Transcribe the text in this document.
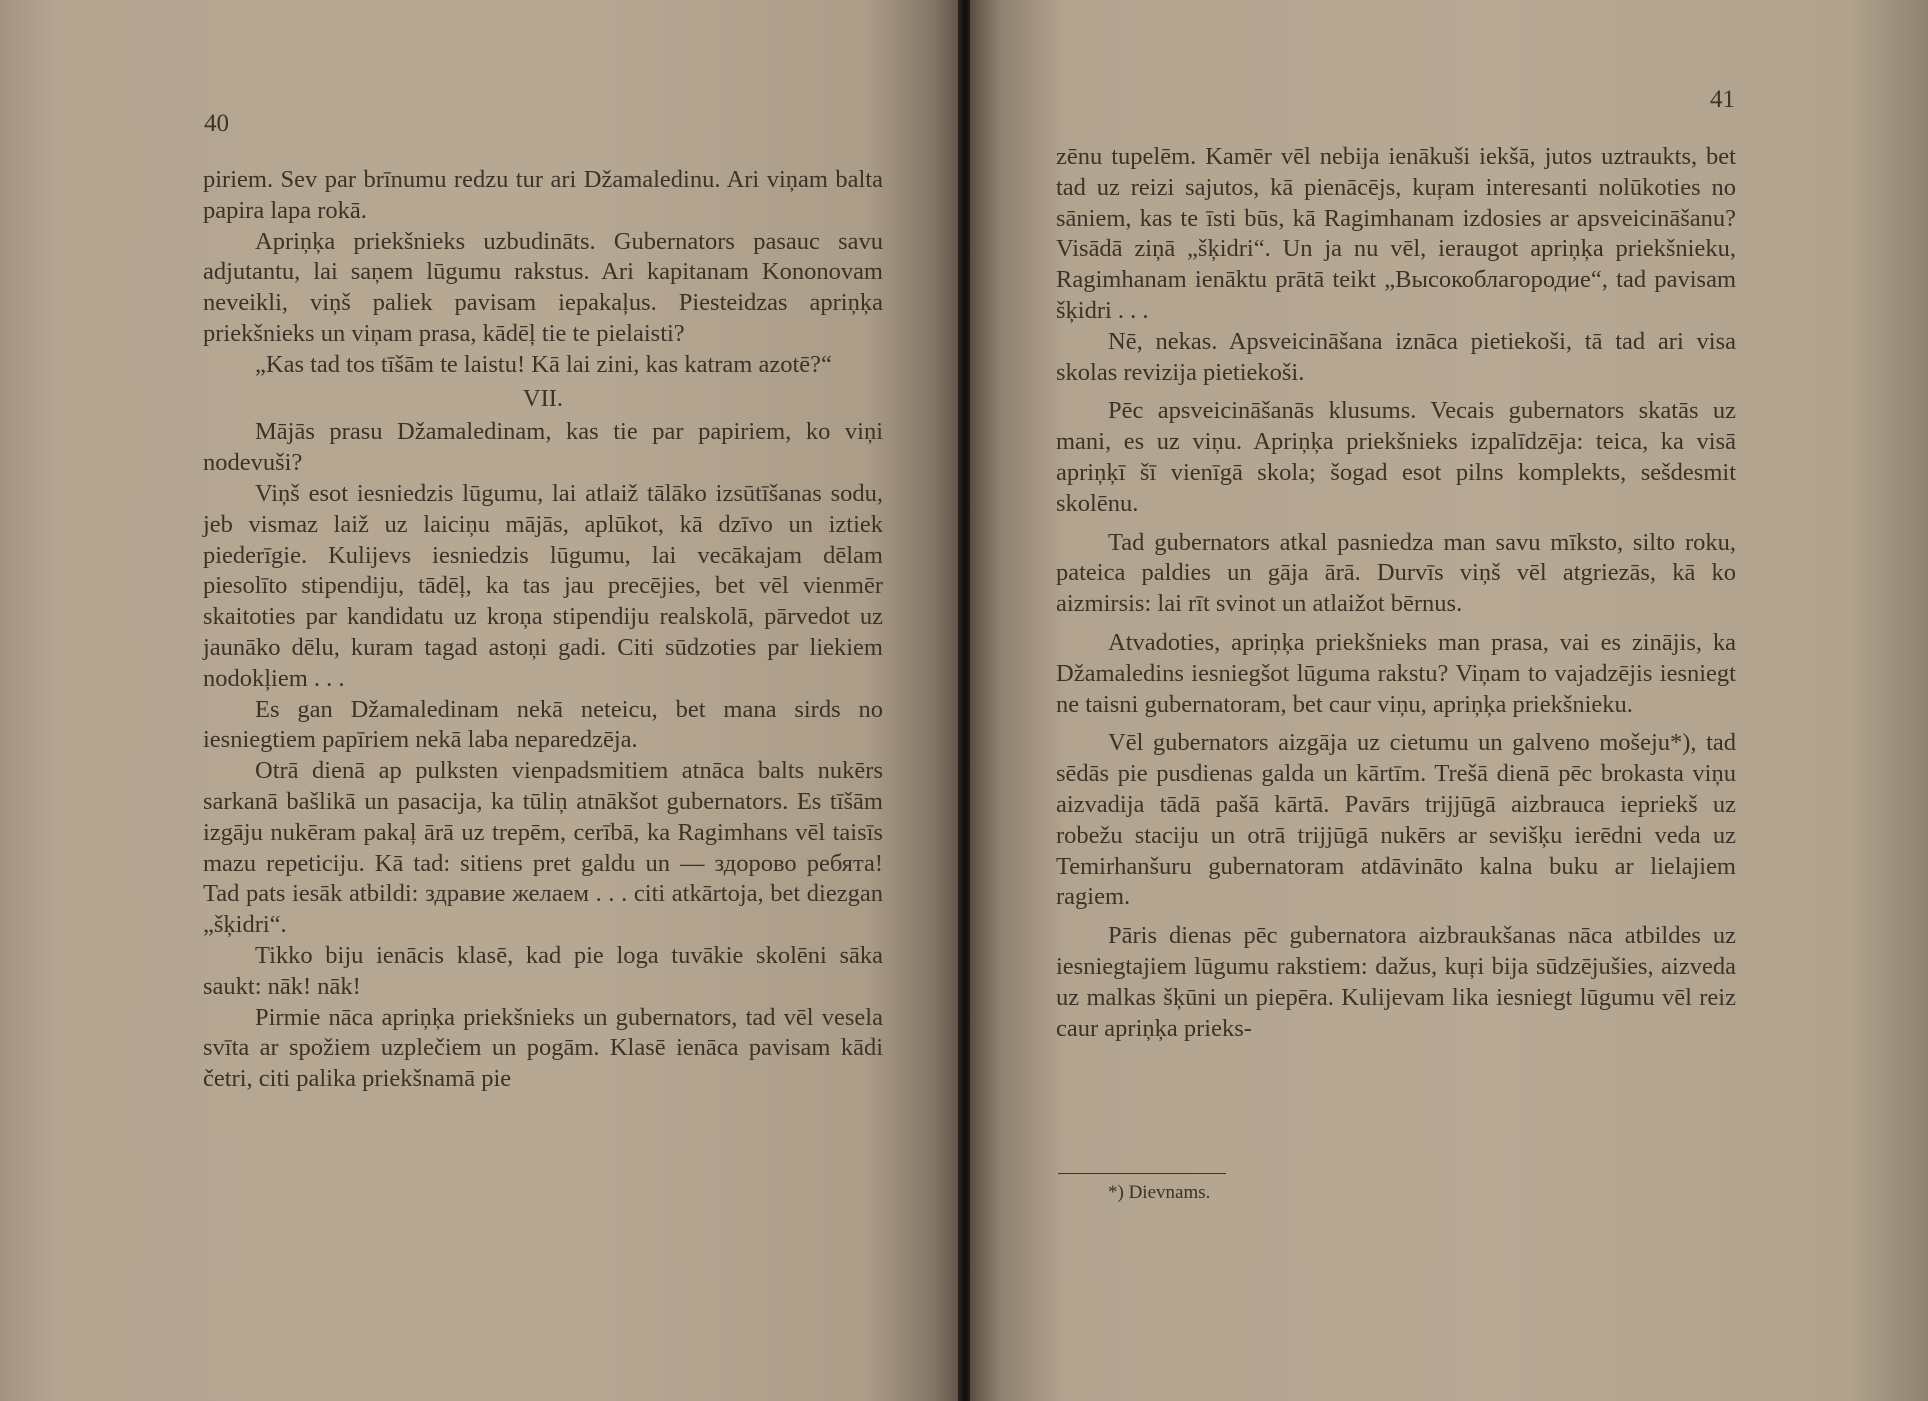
40

piriem. Sev par brīnumu redzu tur ari Džamaledinu. Ari viņam balta papira lapa rokā.

Apriņķa priekšnieks uzbudināts. Gubernators pasauc savu adjutantu, lai saņem lūgumu rakstus. Ari kapitanam Kononovam neveikli, viņš paliek pavisam iepakaļus. Piesteidzas apriņķa priekšnieks un viņam prasa, kādēļ tie te pielaisti?

„Kas tad tos tīšām te laistu! Kā lai zini, kas katram azotē?“

VII.

Mājās prasu Džamaledinam, kas tie par papiriem, ko viņi nodevuši?

Viņš esot iesniedzis lūgumu, lai atlaiž tālāko izsūtīšanas sodu, jeb vismaz laiž uz laiciņu mājās, aplūkot, kā dzīvo un iztiek piederīgie. Kulijevs iesniedzis lūgumu, lai vecākajam dēlam piesolīto stipendiju, tādēļ, ka tas jau precējies, bet vēl vienmēr skaitoties par kandidatu uz kroņa stipendiju realskolā, pārvedot uz jaunāko dēlu, kuram tagad astoņi gadi. Citi sūdzoties par liekiem nodokļiem . . .

Es gan Džamaledinam nekā neteicu, bet mana sirds no iesniegtiem papīriem nekā laba neparedzēja.

Otrā dienā ap pulksten vienpadsmitiem atnāca balts nukērs sarkanā bašlikā un pasacija, ka tūliņ atnākšot gubernators. Es tīšām izgāju nukēram pakaļ ārā uz trepēm, cerībā, ka Ragimhans vēl taisīs mazu repeticiju. Kā tad: sitiens pret galdu un — здорово ребята! Tad pats iesāk atbildi: здравие желаем . . . citi atkārtoja, bet diezgan „šķidri“.

Tikko biju ienācis klasē, kad pie loga tuvākie skolēni sāka saukt: nāk! nāk!

Pirmie nāca apriņķa priekšnieks un gubernators, tad vēl vesela svīta ar spožiem uzplečiem un pogām. Klasē ienāca pavisam kādi četri, citi palika priekšnamā pie

41

zēnu tupelēm. Kamēr vēl nebija ienākuši iekšā, jutos uztraukts, bet tad uz reizi sajutos, kā pienācējs, kuŗam interesanti nolūkoties no sāniem, kas te īsti būs, kā Ragimhanam izdosies ar apsveicināšanu? Visādā ziņā „šķidri“. Un ja nu vēl, ieraugot apriņķa priekšnieku, Ragimhanam ienāktu prātā teikt „Высокоблагородие“, tad pavisam šķidri . . .

Nē, nekas. Apsveicināšana iznāca pietiekoši, tā tad ari visa skolas revizija pietiekoši.

Pēc apsveicināšanās klusums. Vecais gubernators skatās uz mani, es uz viņu. Apriņķa priekšnieks izpalīdzēja: teica, ka visā apriņķī šī vienīgā skola; šogad esot pilns komplekts, sešdesmit skolēnu.

Tad gubernators atkal pasniedza man savu mīksto, silto roku, pateica paldies un gāja ārā. Durvīs viņš vēl atgriezās, kā ko aizmirsis: lai rīt svinot un atlaižot bērnus.

Atvadoties, apriņķa priekšnieks man prasa, vai es zinājis, ka Džamaledins iesniegšot lūguma rakstu? Viņam to vajadzējis iesniegt ne taisni gubernatoram, bet caur viņu, apriņķa priekšnieku.

Vēl gubernators aizgāja uz cietumu un galveno mošeju*), tad sēdās pie pusdienas galda un kārtīm. Trešā dienā pēc brokasta viņu aizvadija tādā pašā kārtā. Pavārs trijjūgā aizbrauca iepriekš uz robežu staciju un otrā trijjūgā nukērs ar sevišķu ierēdni veda uz Temirhanšuru gubernatoram atdāvināto kalna buku ar lielajiem ragiem.

Pāris dienas pēc gubernatora aizbraukšanas nāca atbildes uz iesniegtajiem lūgumu rakstiem: dažus, kuŗi bija sūdzējušies, aizveda uz malkas šķūni un piepēra. Kulijevam lika iesniegt lūgumu vēl reiz caur apriņķa prieks-

*) Dievnams.
